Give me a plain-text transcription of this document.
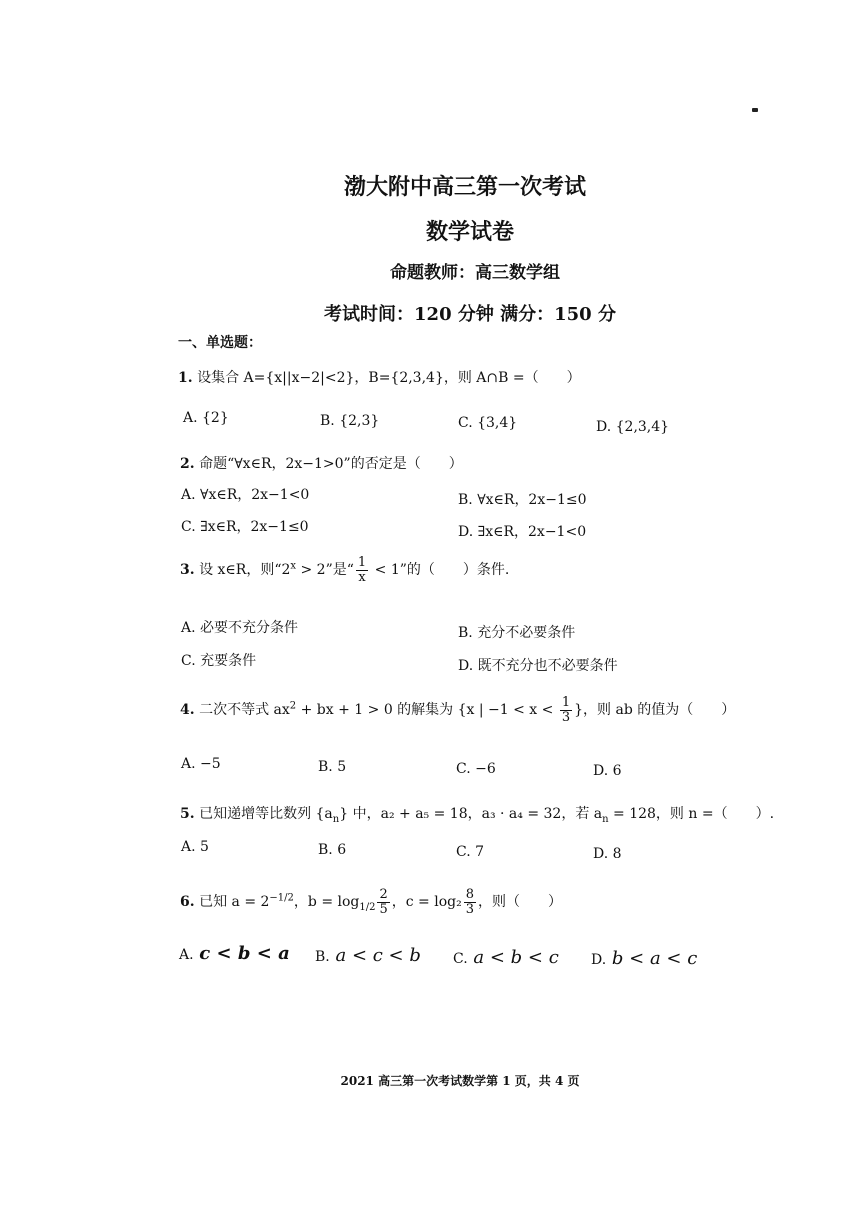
渤大附中高三第一次考试
数学试卷
命题教师：高三数学组
考试时间：120 分钟 满分：150 分
一、单选题：
1. 设集合 A={x||x−2|<2}，B={2,3,4}，则 A∩B =（　　）
A. {2}	B. {2,3}	C. {3,4}	D. {2,3,4}
2. 命题“∀x∈R，2x−1>0”的否定是（　　）
A. ∀x∈R，2x−1<0	B. ∀x∈R，2x−1≤0
C. ∃x∈R，2x−1≤0	D. ∃x∈R，2x−1<0
3. 设 x∈R，则“$2^x > 2$”是“ $\frac{1}{x} < 1$”的（　　）条件.
A. 必要不充分条件	B. 充分不必要条件
C. 充要条件	D. 既不充分也不必要条件
4. 二次不等式 $ax^2$ + bx + 1 > 0 的解集为 {x | $-1 < x < \frac{1}{3}$ }，则 ab 的值为（　　）
A. −5	B. 5	C. −6	D. 6
5. 已知递增等比数列 $\{a_n\}$ 中，a₂ + a₅ = 18，a₃ · a₄ = 32，若 $a_n = 128$，则 n =（　　）.
A. 5	B. 6	C. 7	D. 8
6. 已知 $a = 2^{-1/2}$，$b = \log_{1/2} \frac{2}{5}$ ，$c = \log_2 \frac{8}{3}$ ，则（　　）
A. c < b < a B. a < c < b C. a < b < c D. b < a < c
2021 高三第一次考试数学第 1 页，共 4 页
